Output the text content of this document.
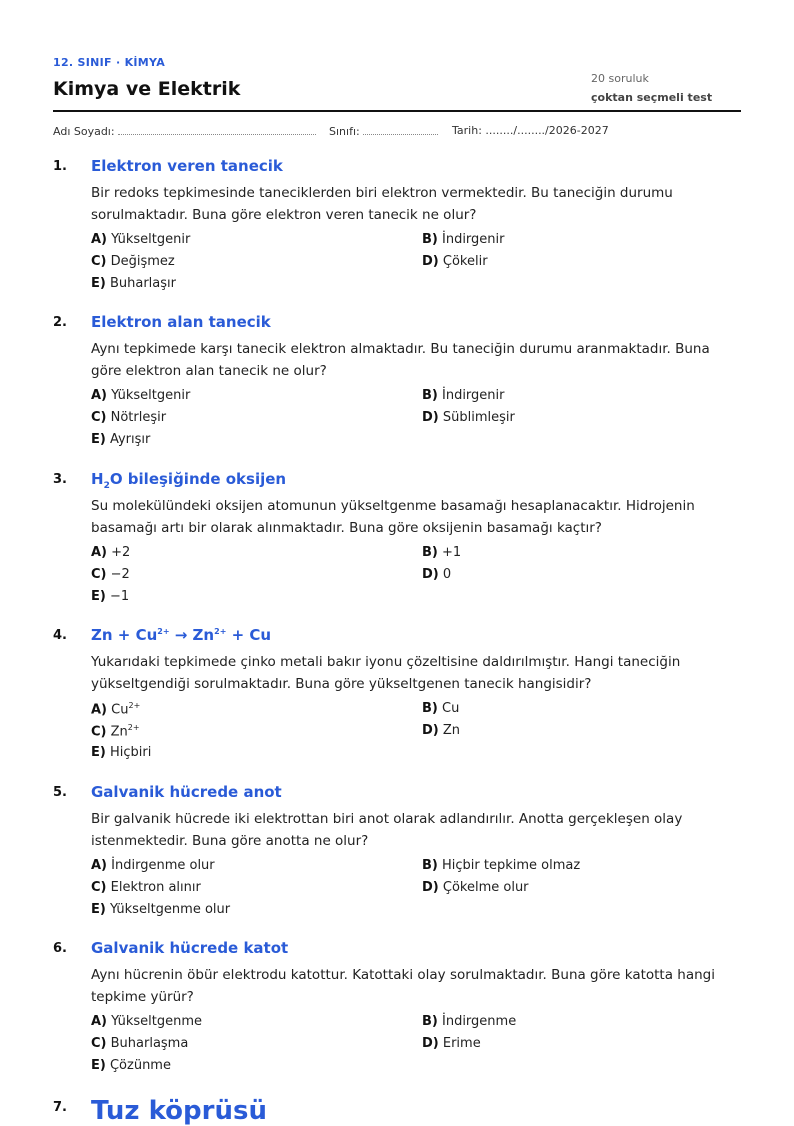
12. SINIF · KİMYA
Kimya ve Elektrik	20 soruluk
çoktan seçmeli test
Adı Soyadı:	Sınıfı:	Tarih: ......../......../2026-2027
1. Elektron veren tanecik
Bir redoks tepkimesinde taneciklerden biri elektron vermektedir. Bu taneciğin durumu sorulmaktadır. Buna göre elektron veren tanecik ne olur?
A) Yükseltgenir	B) İndirgenir
C) Değişmez	D) Çökelir
E) Buharlaşır
2. Elektron alan tanecik
Aynı tepkimede karşı tanecik elektron almaktadır. Bu taneciğin durumu aranmaktadır. Buna göre elektron alan tanecik ne olur?
A) Yükseltgenir	B) İndirgenir
C) Nötrleşir	D) Süblimleşir
E) Ayrışır
3. $H_2O$ bileşiğinde oksijen
Su molekülündeki oksijen atomunun yükseltgenme basamağı hesaplanacaktır. Hidrojenin basamağı artı bir olarak alınmaktadır. Buna göre oksijenin basamağı kaçtır?
A) +2	B) +1
C) −2	D) 0
E) −1
4. $Zn + Cu^{2+} \to Zn^{2+} + Cu$
Yukarıdaki tepkimede çinko metali bakır iyonu çözeltisine daldırılmıştır. Hangi taneciğin yükseltgendiği sorulmaktadır. Buna göre yükseltgenen tanecik hangisidir?
A) $Cu^{2+}$	B) Cu
C) $Zn^{2+}$	D) Zn
E) Hiçbiri
5. Galvanik hücrede anot
Bir galvanik hücrede iki elektrottan biri anot olarak adlandırılır. Anotta gerçekleşen olay istenmektedir. Buna göre anotta ne olur?
A) İndirgenme olur	B) Hiçbir tepkime olmaz
C) Elektron alınır	D) Çökelme olur
E) Yükseltgenme olur
6. Galvanik hücrede katot
Aynı hücrenin öbür elektrodu katottur. Katottaki olay sorulmaktadır. Buna göre katotta hangi tepkime yürür?
A) Yükseltgenme	B) İndirgenme
C) Buharlaşma	D) Erime
E) Çözünme
7. Tuz köprüsü
